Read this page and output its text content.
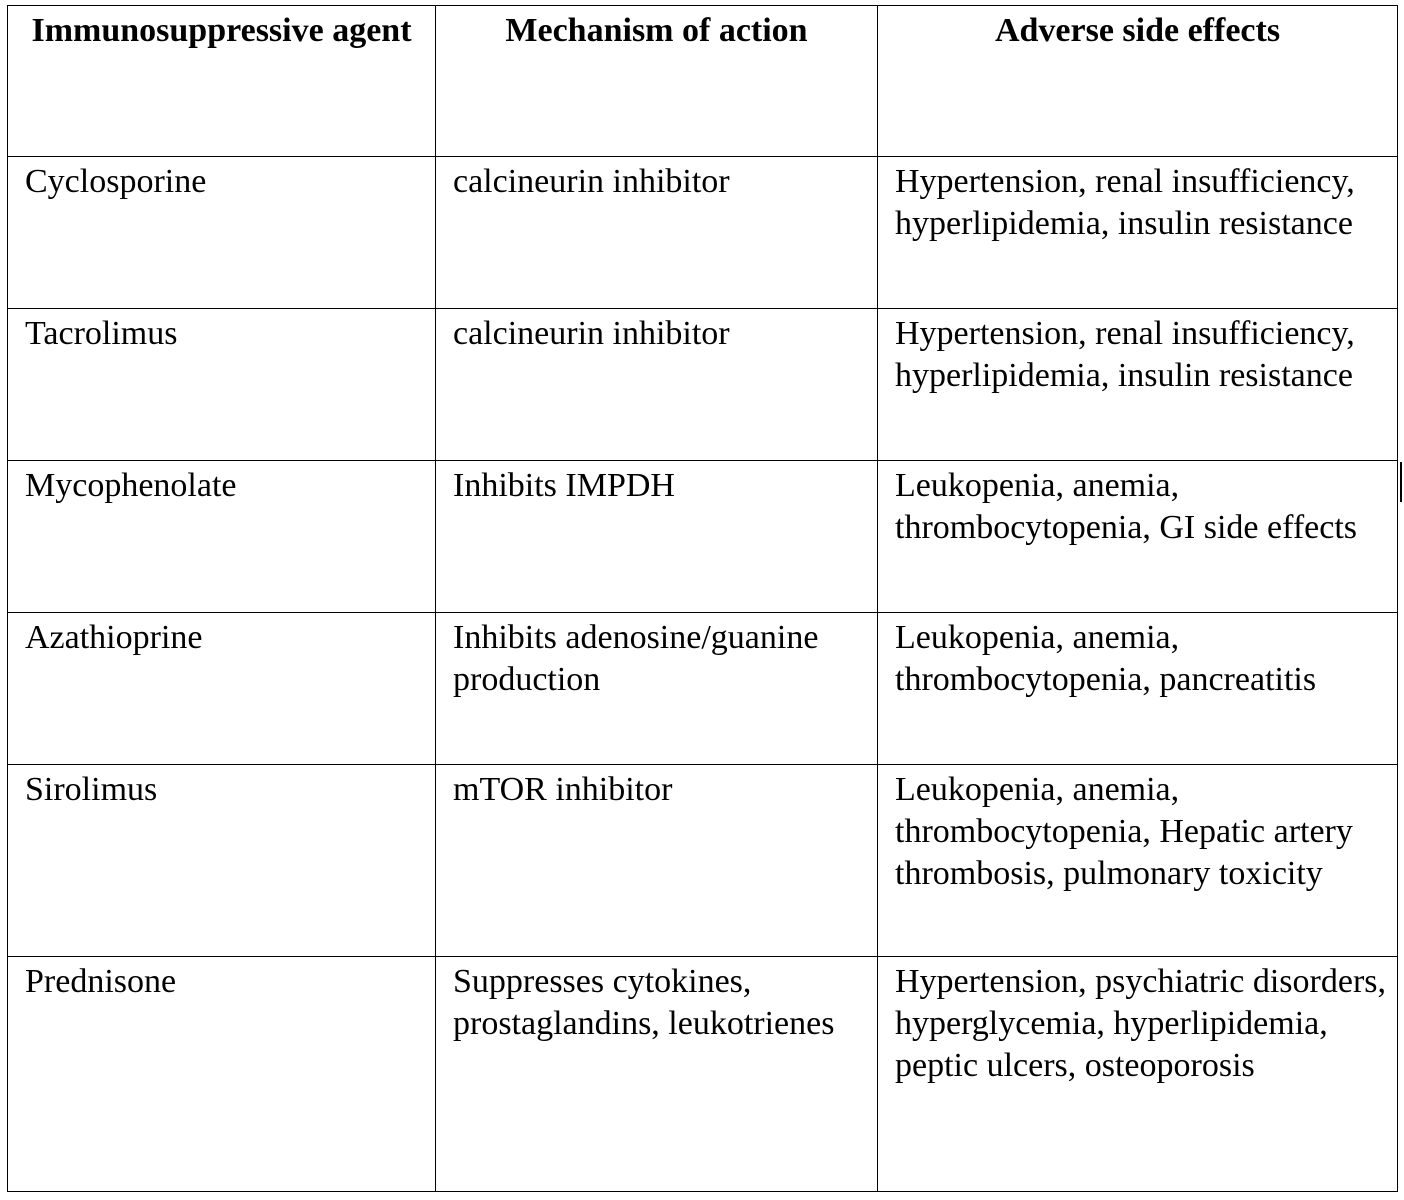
Immunosuppressive agent	Mechanism of action	Adverse side effects

Cyclosporine	calcineurin inhibitor	Hypertension, renal insufficiency, hyperlipidemia, insulin resistance
Tacrolimus	calcineurin inhibitor	Hypertension, renal insufficiency, hyperlipidemia, insulin resistance
Mycophenolate	Inhibits IMPDH	Leukopenia, anemia, thrombocytopenia, GI side effects
Azathioprine	Inhibits adenosine/guanine production	Leukopenia, anemia, thrombocytopenia, pancreatitis
Sirolimus	mTOR inhibitor	Leukopenia, anemia, thrombocytopenia, Hepatic artery thrombosis, pulmonary toxicity
Prednisone	Suppresses cytokines, prostaglandins, leukotrienes	Hypertension, psychiatric disorders, hyperglycemia, hyperlipidemia, peptic ulcers, osteoporosis
